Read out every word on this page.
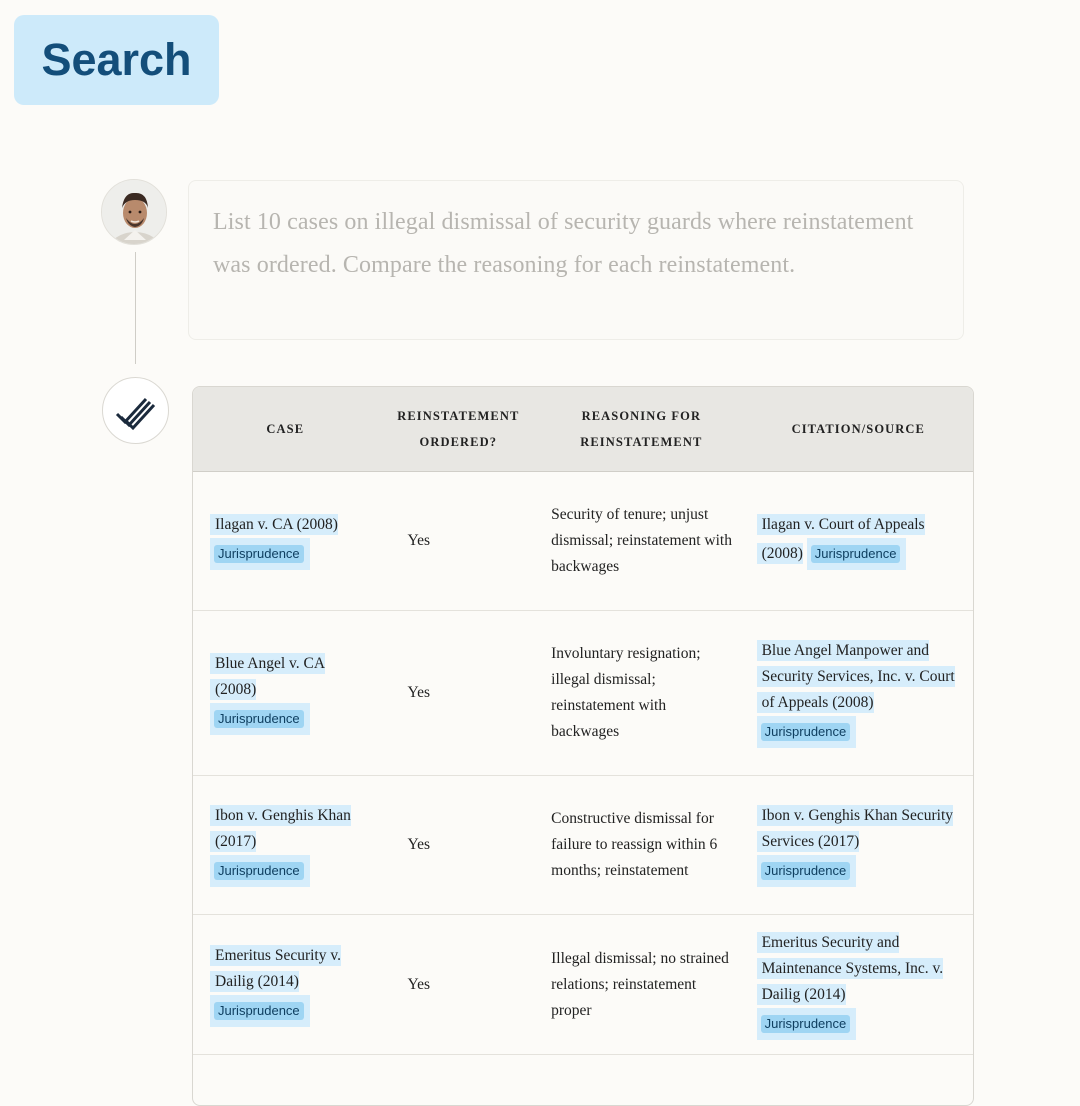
Search
List 10 cases on illegal dismissal of security guards where reinstatement was ordered. Compare the reasoning for each reinstatement.
CASE
REINSTATEMENT
ORDERED?
REASONING FOR
REINSTATEMENT
CITATION/SOURCE
Ilagan v. CA (2008)
Jurisprudence
Yes
Security of tenure; unjust dismissal; reinstatement with backwages
Ilagan v. Court of Appeals (2008) Jurisprudence
Blue Angel v. CA (2008)
Jurisprudence
Yes
Involuntary resignation; illegal dismissal; reinstatement with backwages
Blue Angel Manpower and Security Services, Inc. v. Court of Appeals (2008)
Jurisprudence
Ibon v. Genghis Khan (2017)
Jurisprudence
Yes
Constructive dismissal for failure to reassign within 6 months; reinstatement
Ibon v. Genghis Khan Security Services (2017)
Jurisprudence
Emeritus Security v. Dailig (2014)
Jurisprudence
Yes
Illegal dismissal; no strained relations; reinstatement proper
Emeritus Security and Maintenance Systems, Inc. v. Dailig (2014)
Jurisprudence
